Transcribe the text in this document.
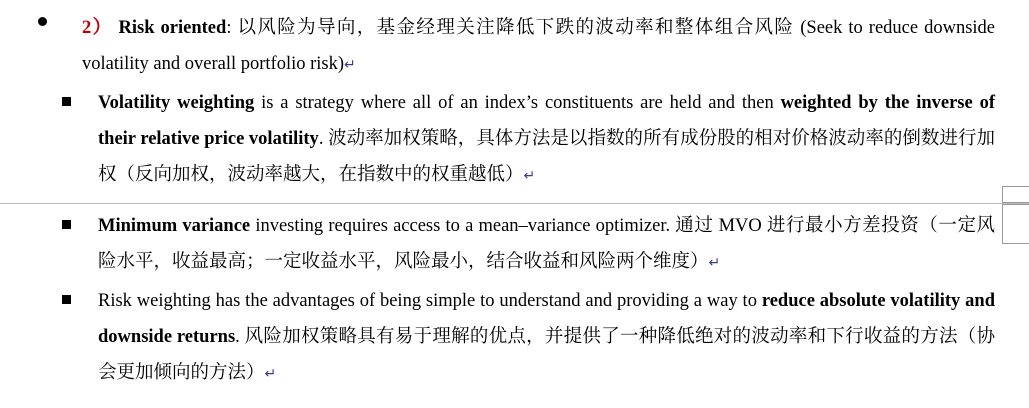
2） Risk oriented: 以风险为导向，基金经理关注降低下跌的波动率和整体组合风险 (Seek to reduce downside volatility and overall portfolio risk)↵
Volatility weighting is a strategy where all of an index’s constituents are held and then weighted by the inverse of their relative price volatility. 波动率加权策略，具体方法是以指数的所有成份股的相对价格波动率的倒数进行加权（反向加权，波动率越大，在指数中的权重越低）↵
Minimum variance investing requires access to a mean–variance optimizer. 通过 MVO 进行最小方差投资（一定风险水平，收益最高；一定收益水平，风险最小，结合收益和风险两个维度）↵
Risk weighting has the advantages of being simple to understand and providing a way to reduce absolute volatility and downside returns. 风险加权策略具有易于理解的优点，并提供了一种降低绝对的波动率和下行收益的方法（协会更加倾向的方法）↵
